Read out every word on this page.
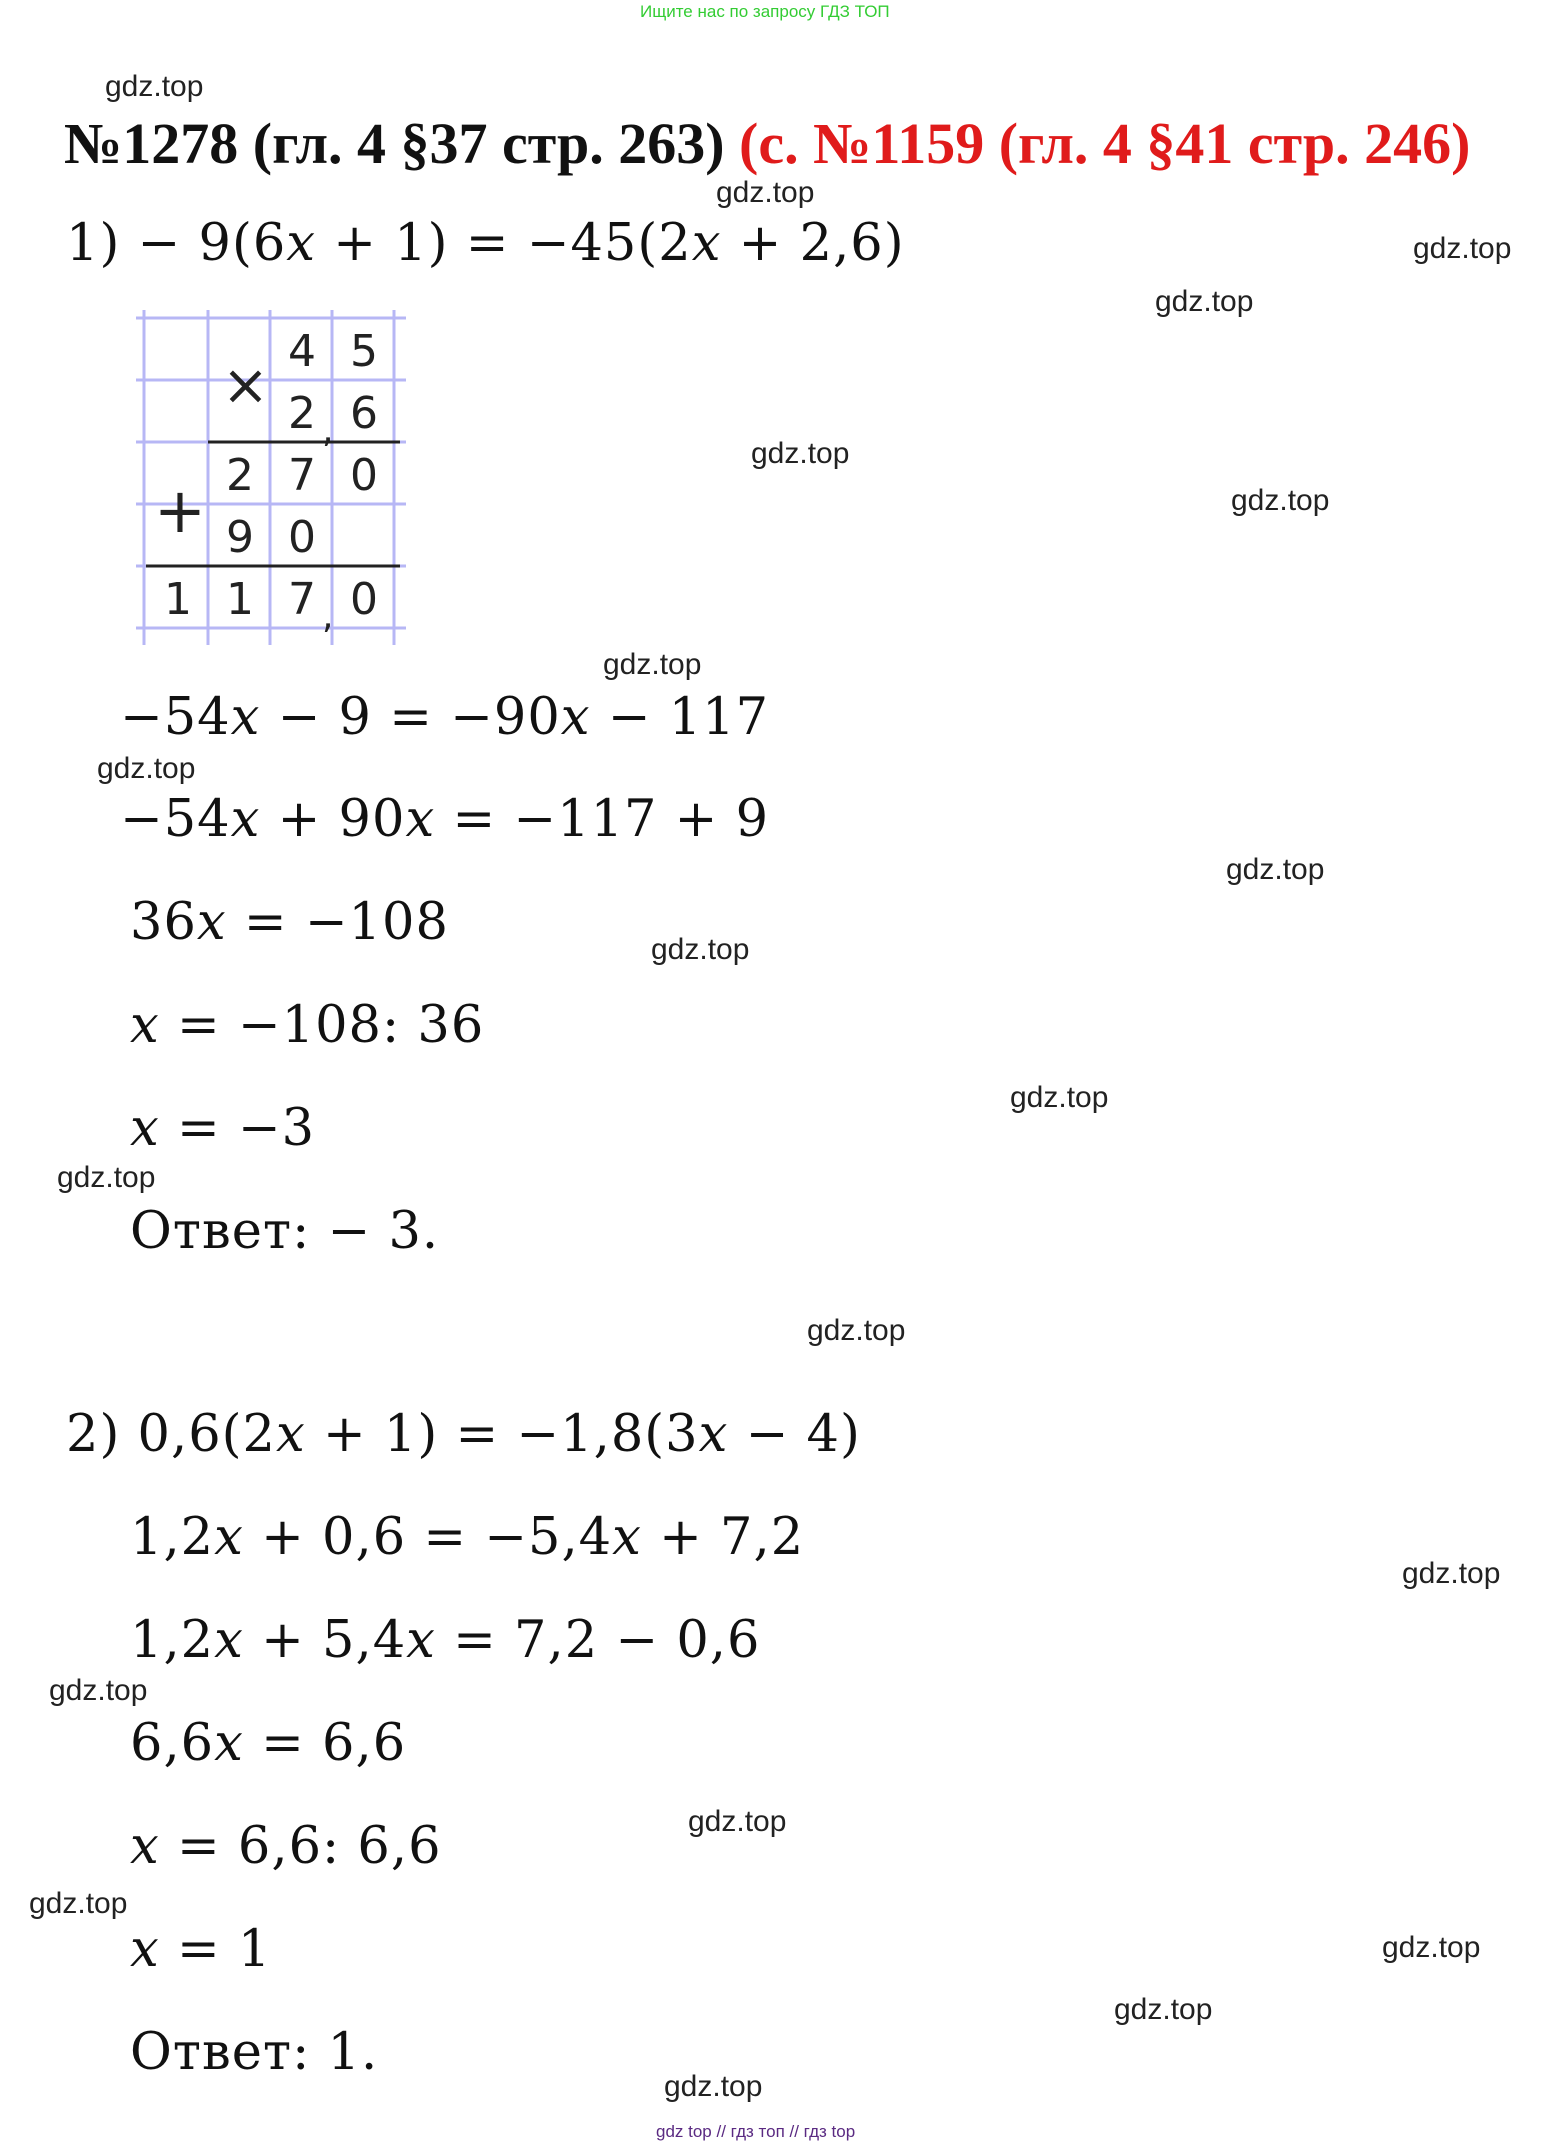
Ищите нас по запросу ГДЗ ТОП
№1278 (гл. 4 §37 стр. 263) (с. №1159 (гл. 4 §41 стр. 246)
gdz.top
gdz.top
gdz.top
gdz.top
gdz.top
gdz.top
gdz.top
gdz.top
gdz.top
gdz.top
gdz.top
gdz.top
gdz.top
gdz.top
gdz.top
gdz.top
gdz.top
gdz.top
gdz.top
gdz.top
1) − 9(6x + 1) = −45(2x + 2,6)
×
+
4 5
2 6
,
2 7 0
9 0
1 1 7 0
,
−54x − 9 = −90x − 117
−54x + 90x = −117 + 9
36x = −108
x = −108: 36
x = −3
Ответ: − 3.
2) 0,6(2x + 1) = −1,8(3x − 4)
1,2x + 0,6 = −5,4x + 7,2
1,2x + 5,4x = 7,2 − 0,6
6,6x = 6,6
x = 6,6: 6,6
x = 1
Ответ: 1.
gdz top // гдз топ // гдз top
